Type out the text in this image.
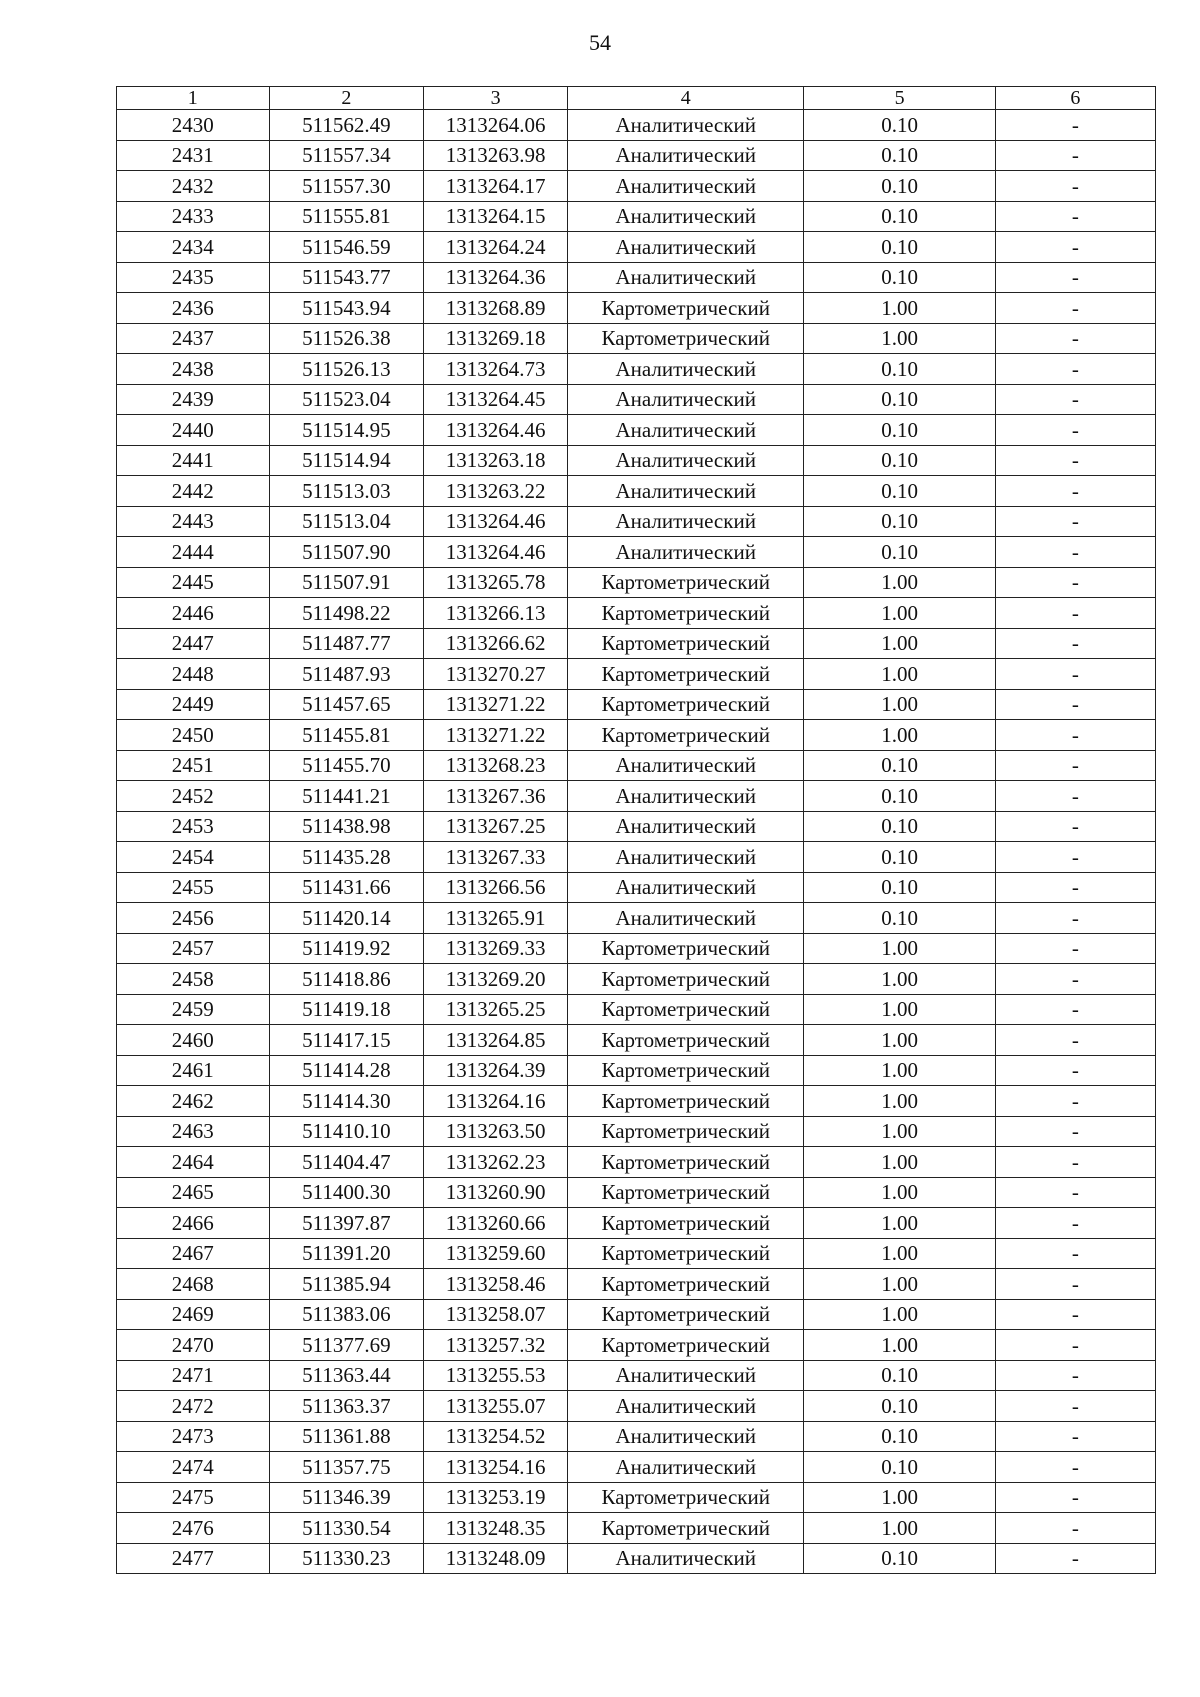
54
1	2	3	4	5	6
2430	511562.49	1313264.06	Аналитический	0.10	-
2431	511557.34	1313263.98	Аналитический	0.10	-
2432	511557.30	1313264.17	Аналитический	0.10	-
2433	511555.81	1313264.15	Аналитический	0.10	-
2434	511546.59	1313264.24	Аналитический	0.10	-
2435	511543.77	1313264.36	Аналитический	0.10	-
2436	511543.94	1313268.89	Картометрический	1.00	-
2437	511526.38	1313269.18	Картометрический	1.00	-
2438	511526.13	1313264.73	Аналитический	0.10	-
2439	511523.04	1313264.45	Аналитический	0.10	-
2440	511514.95	1313264.46	Аналитический	0.10	-
2441	511514.94	1313263.18	Аналитический	0.10	-
2442	511513.03	1313263.22	Аналитический	0.10	-
2443	511513.04	1313264.46	Аналитический	0.10	-
2444	511507.90	1313264.46	Аналитический	0.10	-
2445	511507.91	1313265.78	Картометрический	1.00	-
2446	511498.22	1313266.13	Картометрический	1.00	-
2447	511487.77	1313266.62	Картометрический	1.00	-
2448	511487.93	1313270.27	Картометрический	1.00	-
2449	511457.65	1313271.22	Картометрический	1.00	-
2450	511455.81	1313271.22	Картометрический	1.00	-
2451	511455.70	1313268.23	Аналитический	0.10	-
2452	511441.21	1313267.36	Аналитический	0.10	-
2453	511438.98	1313267.25	Аналитический	0.10	-
2454	511435.28	1313267.33	Аналитический	0.10	-
2455	511431.66	1313266.56	Аналитический	0.10	-
2456	511420.14	1313265.91	Аналитический	0.10	-
2457	511419.92	1313269.33	Картометрический	1.00	-
2458	511418.86	1313269.20	Картометрический	1.00	-
2459	511419.18	1313265.25	Картометрический	1.00	-
2460	511417.15	1313264.85	Картометрический	1.00	-
2461	511414.28	1313264.39	Картометрический	1.00	-
2462	511414.30	1313264.16	Картометрический	1.00	-
2463	511410.10	1313263.50	Картометрический	1.00	-
2464	511404.47	1313262.23	Картометрический	1.00	-
2465	511400.30	1313260.90	Картометрический	1.00	-
2466	511397.87	1313260.66	Картометрический	1.00	-
2467	511391.20	1313259.60	Картометрический	1.00	-
2468	511385.94	1313258.46	Картометрический	1.00	-
2469	511383.06	1313258.07	Картометрический	1.00	-
2470	511377.69	1313257.32	Картометрический	1.00	-
2471	511363.44	1313255.53	Аналитический	0.10	-
2472	511363.37	1313255.07	Аналитический	0.10	-
2473	511361.88	1313254.52	Аналитический	0.10	-
2474	511357.75	1313254.16	Аналитический	0.10	-
2475	511346.39	1313253.19	Картометрический	1.00	-
2476	511330.54	1313248.35	Картометрический	1.00	-
2477	511330.23	1313248.09	Аналитический	0.10	-
